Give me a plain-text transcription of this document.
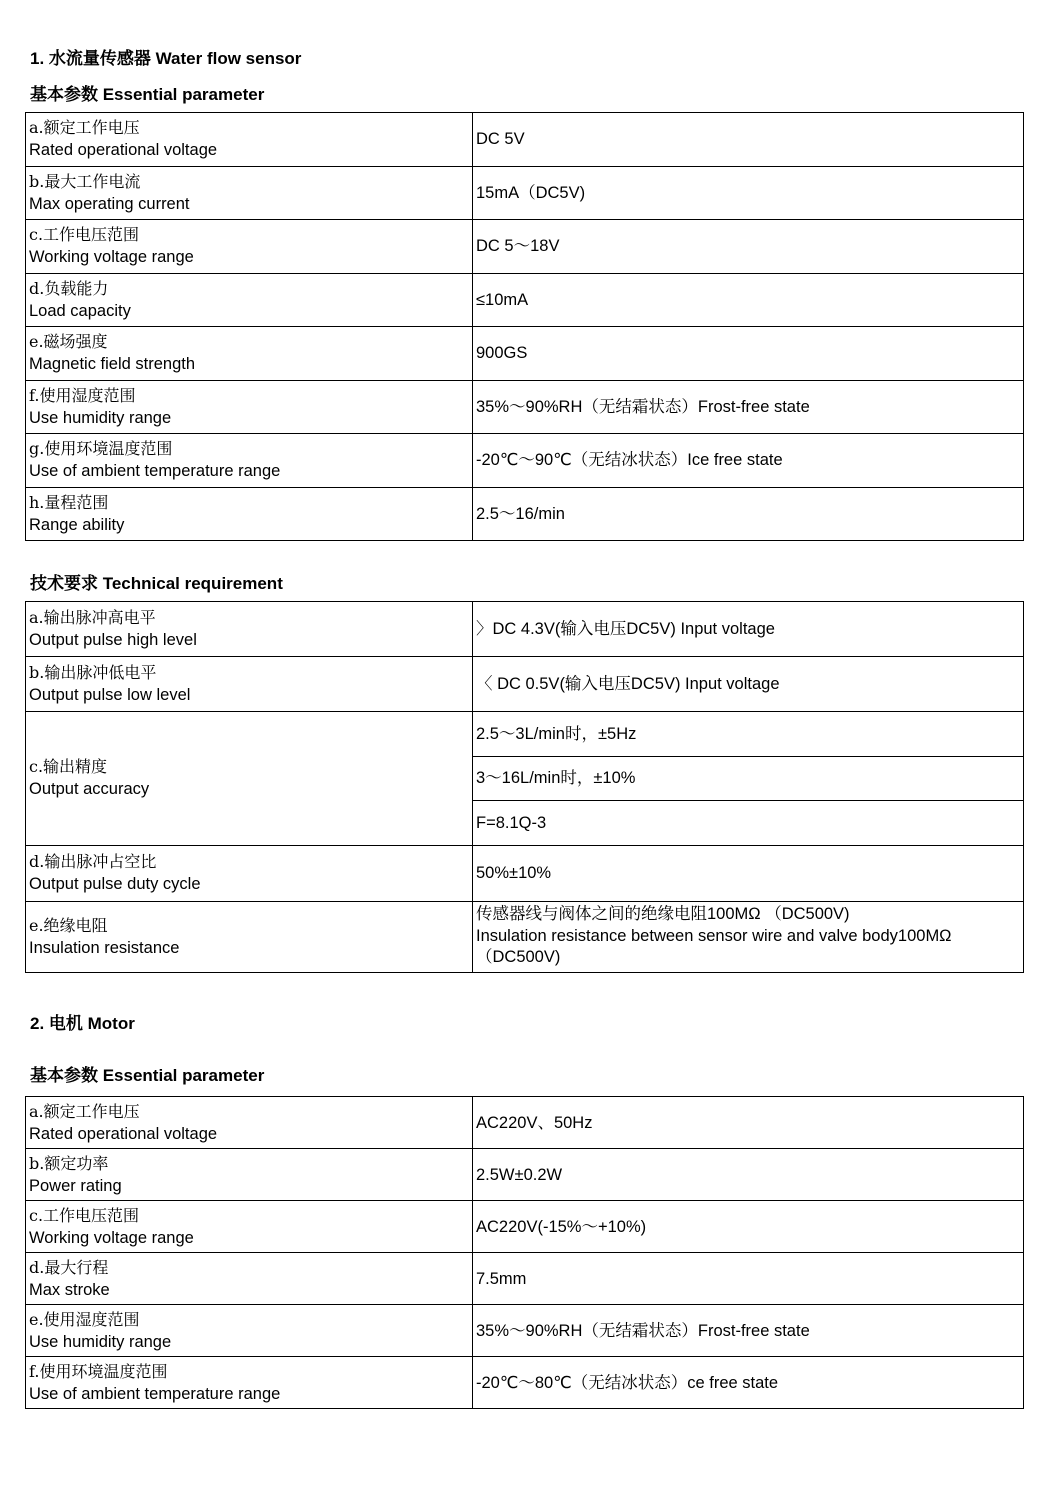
1. 水流量传感器 Water flow sensor
基本参数 Essential parameter
a.额定工作电压
Rated operational voltage	DC 5V

b.最大工作电流
Max operating current	15mA（DC5V)

c.工作电压范围
Working voltage range	DC 5～18V

d.负载能力
Load capacity	≤10mA

e.磁场强度
Magnetic field strength	900GS

f.使用湿度范围
Use humidity range	35%～90%RH（无结霜状态）Frost-free state

g.使用环境温度范围
Use of ambient temperature range	-20℃～90℃（无结冰状态）Ice free state

h.量程范围
Range ability	2.5～16/min
技术要求 Technical requirement
a.输出脉冲高电平
Output pulse high level	〉DC 4.3V(输入电压DC5V) Input voltage

b.输出脉冲低电平
Output pulse low level	〈 DC 0.5V(输入电压DC5V) Input voltage

c.输出精度
Output accuracy	2.5～3L/min时，±5Hz

	3～16L/min时，±10%

	F=8.1Q-3

d.输出脉冲占空比
Output pulse duty cycle	50%±10%

e.绝缘电阻
Insulation resistance	传感器线与阀体之间的绝缘电阻100MΩ （DC500V)
Insulation resistance between sensor wire and valve body100MΩ
（DC500V)
2. 电机 Motor
基本参数 Essential parameter
a.额定工作电压
Rated operational voltage	AC220V、50Hz

b.额定功率
Power rating	2.5W±0.2W

c.工作电压范围
Working voltage range	AC220V(-15%～+10%)

d.最大行程
Max stroke	7.5mm

e.使用湿度范围
Use humidity range	35%～90%RH（无结霜状态）Frost-free state

f.使用环境温度范围
Use of ambient temperature range	-20℃～80℃（无结冰状态）ce free state
